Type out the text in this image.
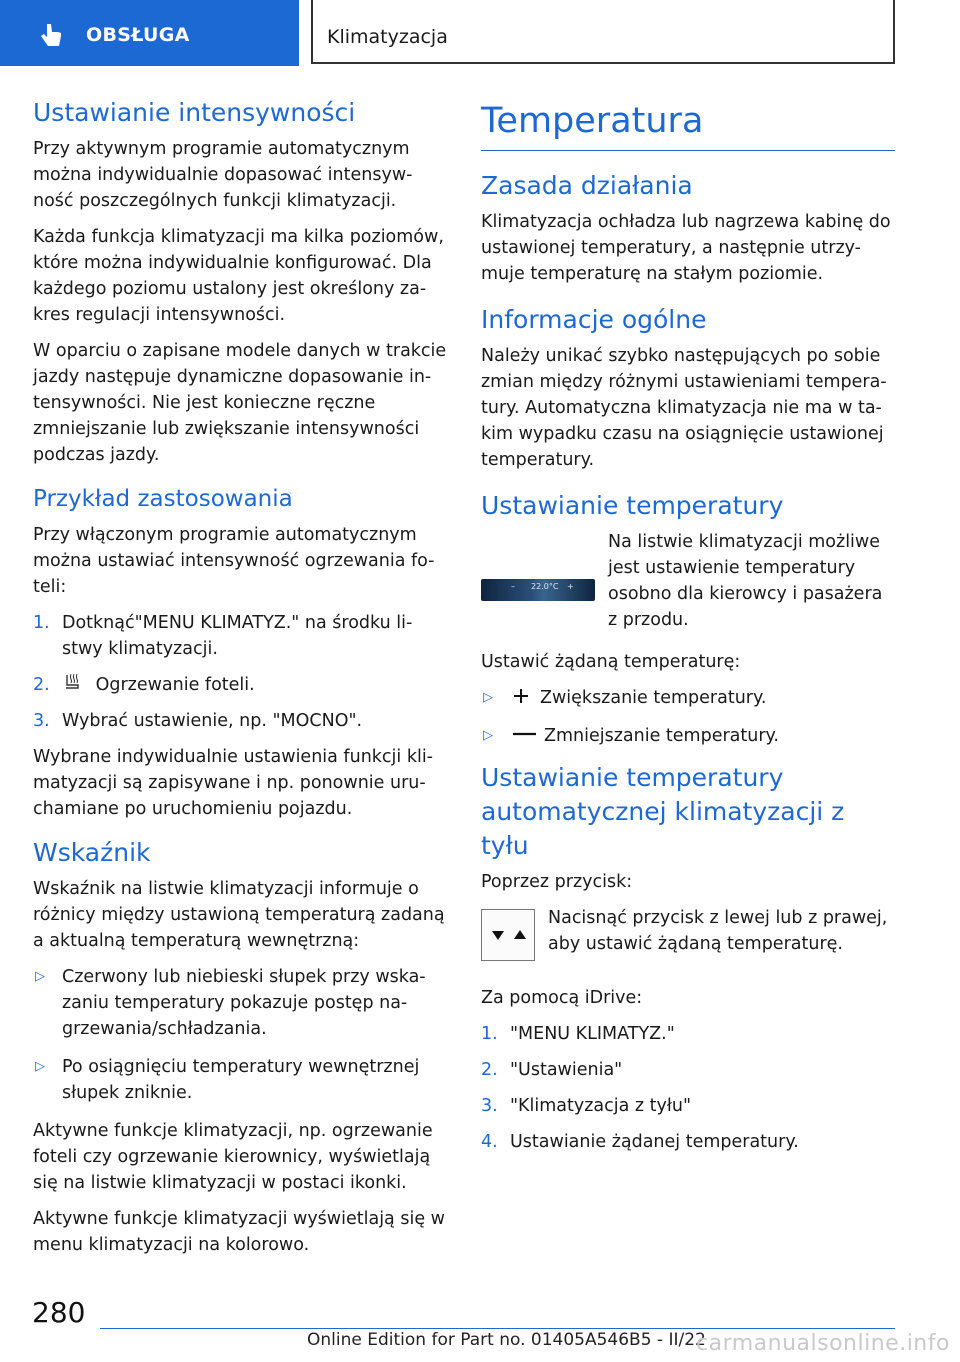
OBSŁUGA	Klimatyzacja
Ustawianie intensywności

Przy aktywnym programie automatycznym można indywidualnie dopasować intensyw-ność poszczególnych funkcji klimatyzacji.

Każda funkcja klimatyzacji ma kilka poziomów, które można indywidualnie konfigurować. Dla każdego poziomu ustalony jest określony za-kres regulacji intensywności.

W oparciu o zapisane modele danych w trakcie jazdy następuje dynamiczne dopasowanie in-tensywności. Nie jest konieczne ręczne zmniejszanie lub zwiększanie intensywności podczas jazdy.

Przykład zastosowania

Przy włączonym programie automatycznym można ustawiać intensywność ogrzewania fo-teli:

1. Dotknąć"MENU KLIMATYZ." na środku li-stwy klimatyzacji.
2.	Ogrzewanie foteli.
3. Wybrać ustawienie, np. "MOCNO".

Wybrane indywidualnie ustawienia funkcji kli-matyzacji są zapisywane i np. ponownie uru-chamiane po uruchomieniu pojazdu.

Wskaźnik

Wskaźnik na listwie klimatyzacji informuje o różnicy między ustawioną temperaturą zadaną a aktualną temperaturą wewnętrzną:

▷ Czerwony lub niebieski słupek przy wska-zaniu temperatury pokazuje postęp na-grzewania/schładzania.
▷ Po osiągnięciu temperatury wewnętrznej słupek zniknie.

Aktywne funkcje klimatyzacji, np. ogrzewanie foteli czy ogrzewanie kierownicy, wyświetlają się na listwie klimatyzacji w postaci ikonki.

Aktywne funkcje klimatyzacji wyświetlają się w menu klimatyzacji na kolorowo.

Temperatura
Zasada działania

Klimatyzacja ochładza lub nagrzewa kabinę do ustawionej temperatury, a następnie utrzy-muje temperaturę na stałym poziomie.

Informacje ogólne

Należy unikać szybko następujących po sobie zmian między różnymi ustawieniami tempera-tury. Automatyczna klimatyzacja nie ma w ta-kim wypadku czasu na osiągnięcie ustawionej temperatury.

Ustawianie temperatury
– 22.0°C +

Na listwie klimatyzacji możliwe jest ustawienie temperatury osobno dla kierowcy i pasażera z przodu.

Ustawić żądaną temperaturę:

▷	Zwiększanie temperatury.
▷	Zmniejszanie temperatury.
Ustawianie temperatury automatycznej klimatyzacji z tyłu

Poprzez przycisk:

Nacisnąć przycisk z lewej lub z prawej, aby ustawić żądaną temperaturę.

Za pomocą iDrive:

1. "MENU KLIMATYZ."
2. "Ustawienia"
3. "Klimatyzacja z tyłu"
4. Ustawianie żądanej temperatury.
280
Online Edition for Part no. 01405A546B5 - II/22
carmanualsonline.info
